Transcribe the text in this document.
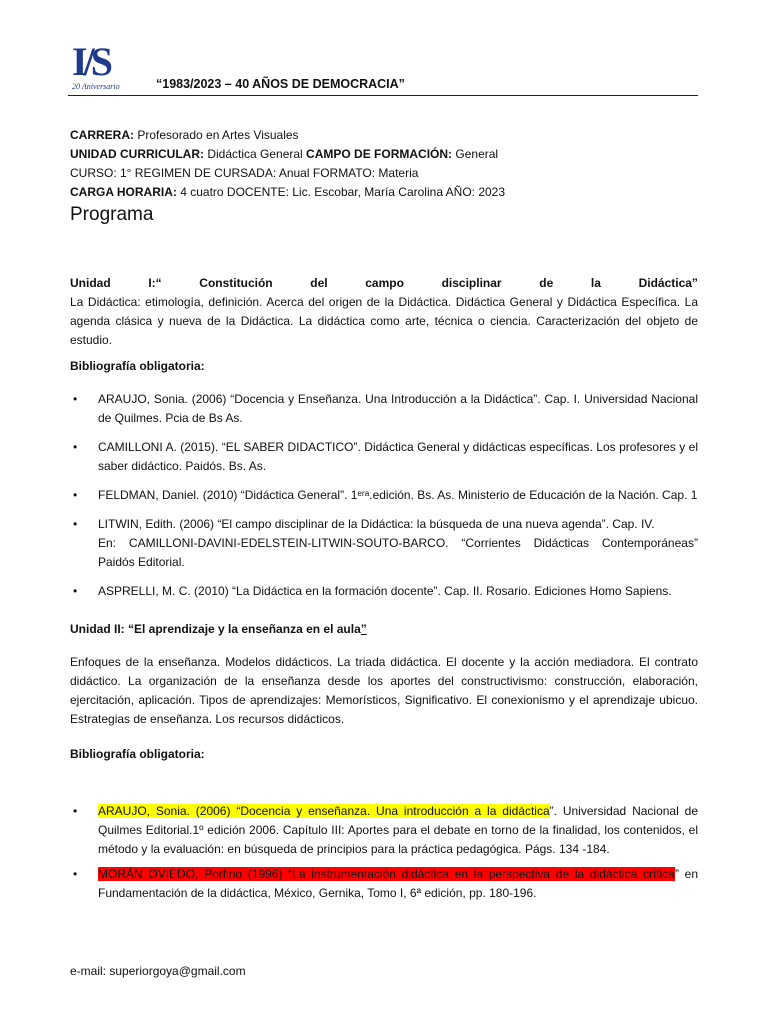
I/S
20 Aniversario	“1983/2023 – 40 AÑOS DE DEMOCRACIA”
CARRERA: Profesorado en Artes Visuales
UNIDAD CURRICULAR: Didáctica General CAMPO DE FORMACIÓN: General
CURSO: 1° REGIMEN DE CURSADA: Anual FORMATO: Materia
CARGA HORARIA: 4 cuatro DOCENTE: Lic. Escobar, María Carolina AÑO: 2023
Programa
Unidad	I:“	Constitución	del	campo	disciplinar	de	la	Didáctica”
La Didáctica: etimología, definición. Acerca del origen de la Didáctica. Didáctica General y Didáctica Específica. La agenda clásica y nueva de la Didáctica. La didáctica como arte, técnica o ciencia. Caracterización del objeto de estudio.
Bibliografía obligatoria:
• ARAUJO, Sonia. (2006) “Docencia y Enseñanza. Una Introducción a la Didáctica”. Cap. I. Universidad Nacional de Quilmes. Pcia de Bs As.
• CAMILLONI A. (2015). “EL SABER DIDACTICO”. Didáctica General y didácticas específicas. Los profesores y el saber didáctico. Paidós. Bs. As.
• FELDMAN, Daniel. (2010) “Didáctica General”. 1ᵉʳᵃ.edición. Bs. As. Ministerio de Educación de la Nación. Cap. 1
• LITWIN, Edith. (2006) “El campo disciplinar de la Didáctica: la búsqueda de una nueva agenda”. Cap. IV.
En: CAMILLONI-DAVINI-EDELSTEIN-LITWIN-SOUTO-BARCO. “Corrientes Didácticas Contemporáneas”
Paidós Editorial.
• ASPRELLI, M. C. (2010) “La Didáctica en la formación docente”. Cap. II. Rosario. Ediciones Homo Sapiens.
Unidad II: “El aprendizaje y la enseñanza en el aula”
Enfoques de la enseñanza. Modelos didácticos. La triada didáctica. El docente y la acción mediadora. El contrato didáctico. La organización de la enseñanza desde los aportes del constructivismo: construcción, elaboración, ejercitación, aplicación. Tipos de aprendizajes: Memorísticos, Significativo. El conexionismo y el aprendizaje ubicuo. Estrategias de enseñanza. Los recursos didácticos.
Bibliografía obligatoria:
• ARAUJO, Sonia. (2006) “Docencia y enseñanza. Una introducción a la didáctica”. Universidad Nacional de Quilmes Editorial.1º edición 2006. Capítulo III: Aportes para el debate en torno de la finalidad, los contenidos, el método y la evaluación: en búsqueda de principios para la práctica pedagógica. Págs. 134 -184.
• MORÁN OVIEDO, Porfirio (1996) “La instrumentación didáctica en la perspectiva de la didáctica crítica” en Fundamentación de la didáctica, México, Gernika, Tomo I, 6ª edición, pp. 180-196.
e-mail: superiorgoya@gmail.com
